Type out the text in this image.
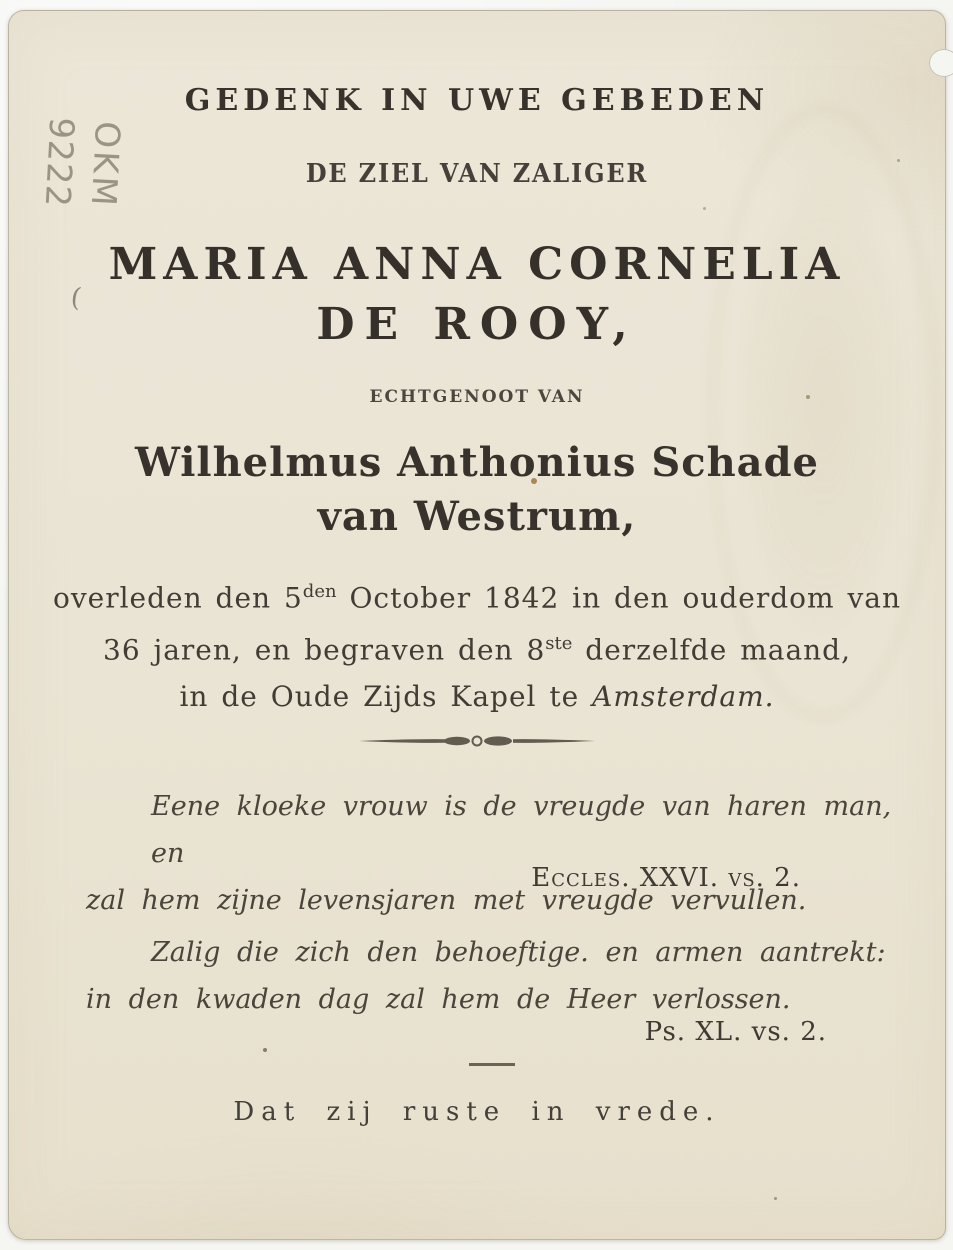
OKM
9222
(
GEDENK IN UWE GEBEDEN
DE ZIEL VAN ZALIGER
MARIA ANNA CORNELIA
DE ROOY,
ECHTGENOOT VAN
Wilhelmus Anthonius Schade
van Westrum,
overleden den $5^{den}$ October 1842 in den ouderdom van
36 jaren, en begraven den 8ste derzelfde maand,
in de Oude Zijds Kapel te Amsterdam.
Eene kloeke vrouw is de vreugde van haren man, en
zal hem zijne levensjaren met vreugde vervullen.
Eccles. XXVI. vs. 2.
Zalig die zich den behoeftige. en armen aantrekt:
in den kwaden dag zal hem de Heer verlossen.
Ps. XL. vs. 2.
Dat zij ruste in vrede.
